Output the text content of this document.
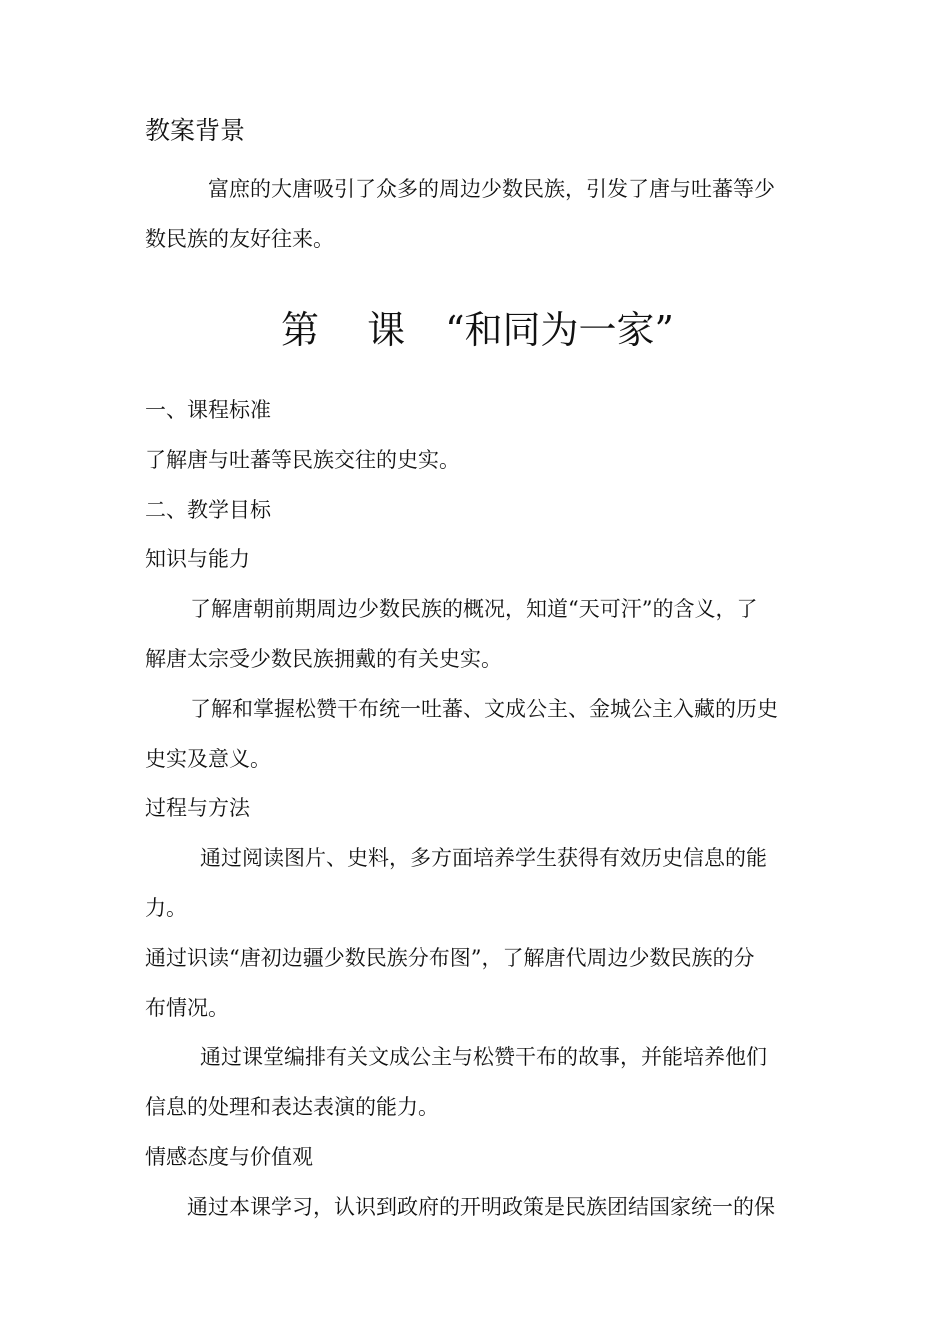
教案背景
富庶的大唐吸引了众多的周边少数民族，引发了唐与吐蕃等少
数民族的友好往来。
第 课 “和同为一家”
一、课程标准
了解唐与吐蕃等民族交往的史实。
二、教学目标
知识与能力
了解唐朝前期周边少数民族的概况，知道“天可汗”的含义，了
解唐太宗受少数民族拥戴的有关史实。
了解和掌握松赞干布统一吐蕃、文成公主、金城公主入藏的历史
史实及意义。
过程与方法
通过阅读图片、史料，多方面培养学生获得有效历史信息的能
力。
通过识读“唐初边疆少数民族分布图”，了解唐代周边少数民族的分
布情况。
通过课堂编排有关文成公主与松赞干布的故事，并能培养他们
信息的处理和表达表演的能力。
情感态度与价值观
通过本课学习，认识到政府的开明政策是民族团结国家统一的保
